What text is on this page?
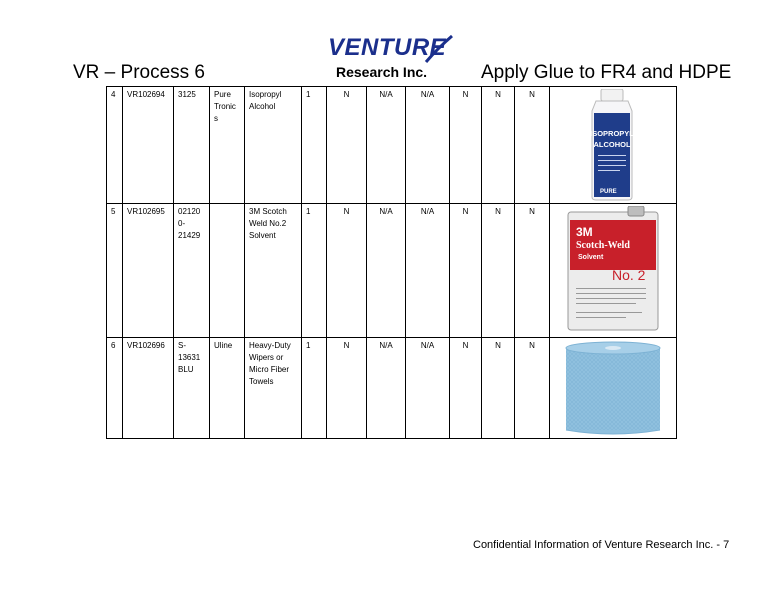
VR – Process 6
VENTURE
Research Inc.	Apply Glue to FR4 and HDPE
4	VR102694	3125	Pure Tronic s	Isopropyl Alcohol	1	N	N/A	N/A	N	N	N	ISOPROPYL
ALCOHOL
PURE

5	VR102695	02120 0- 21429		3M Scotch Weld No.2 Solvent	1	N	N/A	N/A	N	N	N	3M
Scotch-Weld
Solvent
No. 2

6	VR102696	S- 13631 BLU	Uline	Heavy-Duty Wipers or Micro Fiber Towels	1	N	N/A	N/A	N	N	N	
Confidential Information of Venture Research Inc. - 7
